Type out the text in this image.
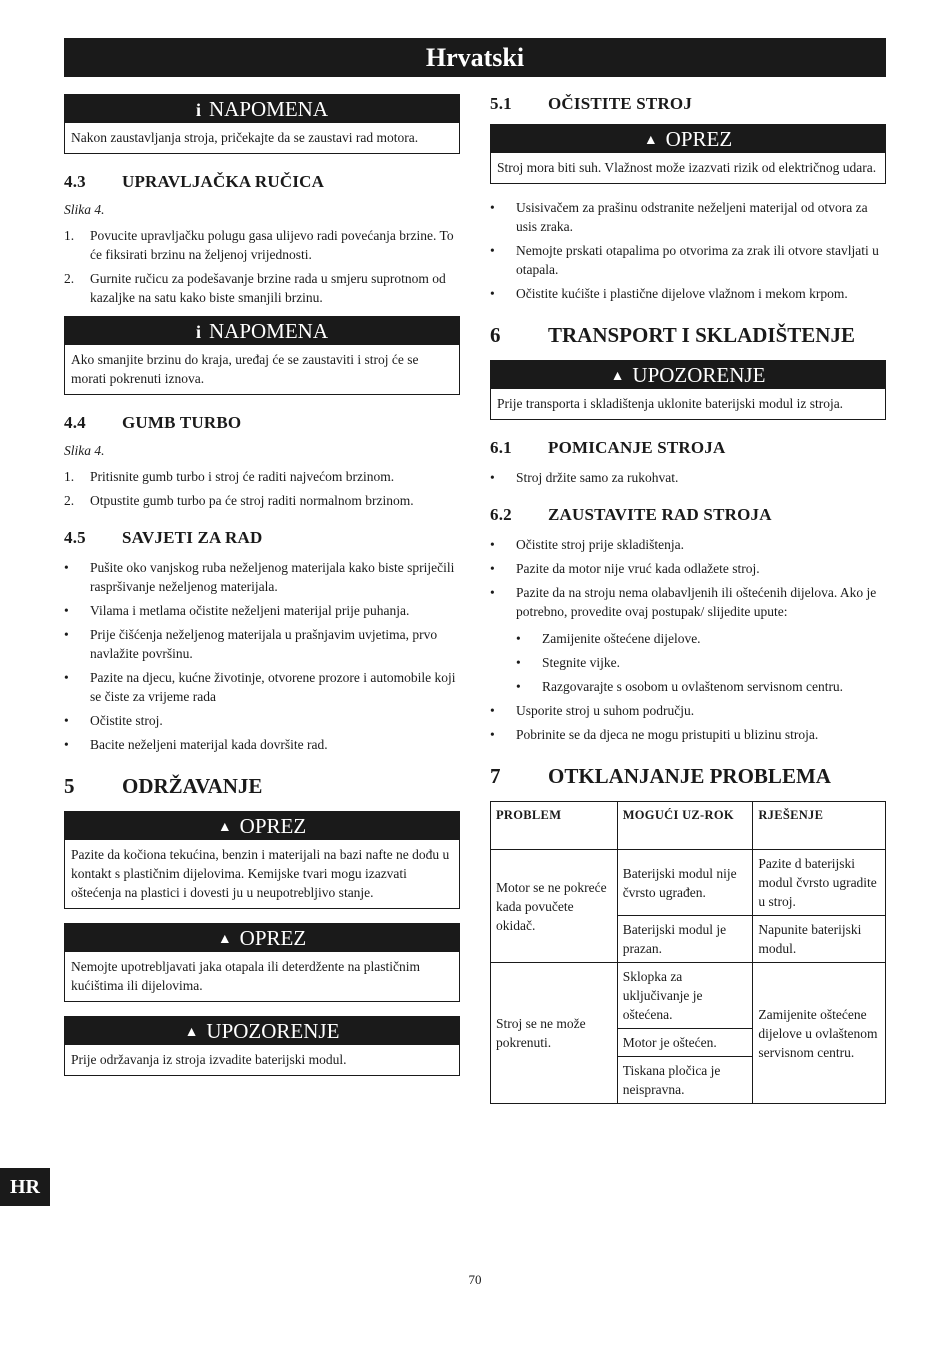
Hrvatski
i NAPOMENA
Nakon zaustavljanja stroja, pričekajte da se zaustavi rad motora.
4.3 UPRAVLJAČKA RUČICA
Slika 4.
1. Povucite upravljačku polugu gasa ulijevo radi povećanja brzine. To će fiksirati brzinu na željenoj vrijednosti.
2. Gurnite ručicu za podešavanje brzine rada u smjeru suprotnom od kazaljke na satu kako biste smanjili brzinu.
i NAPOMENA
Ako smanjite brzinu do kraja, uređaj će se zaustaviti i stroj će se morati pokrenuti iznova.
4.4 GUMB TURBO
Slika 4.
1. Pritisnite gumb turbo i stroj će raditi najvećom brzinom.
2. Otpustite gumb turbo pa će stroj raditi normalnom brzinom.
4.5 SAVJETI ZA RAD
• Pušite oko vanjskog ruba neželjenog materijala kako biste spriječili raspršivanje neželjenog materijala.
• Vilama i metlama očistite neželjeni materijal prije puhanja.
• Prije čišćenja neželjenog materijala u prašnjavim uvjetima, prvo navlažite površinu.
• Pazite na djecu, kućne životinje, otvorene prozore i automobile koji se čiste za vrijeme rada
• Očistite stroj.
• Bacite neželjeni materijal kada dovršite rad.
5 ODRŽAVANJE
▲ OPREZ
Pazite da kočiona tekućina, benzin i materijali na bazi nafte ne dođu u kontakt s plastičnim dijelovima. Kemijske tvari mogu izazvati oštećenja na plastici i dovesti ju u neupotrebljivo stanje.
▲ OPREZ
Nemojte upotrebljavati jaka otapala ili deterdžente na plastičnim kućištima ili dijelovima.
▲ UPOZORENJE
Prije održavanja iz stroja izvadite baterijski modul.
5.1 OČISTITE STROJ
▲ OPREZ
Stroj mora biti suh. Vlažnost može izazvati rizik od električnog udara.
• Usisivačem za prašinu odstranite neželjeni materijal od otvora za usis zraka.
• Nemojte prskati otapalima po otvorima za zrak ili otvore stavljati u otapala.
• Očistite kućište i plastične dijelove vlažnom i mekom krpom.
6 TRANSPORT I SKLADIŠTENJE
▲ UPOZORENJE
Prije transporta i skladištenja uklonite baterijski modul iz stroja.
6.1 POMICANJE STROJA
• Stroj držite samo za rukohvat.
6.2 ZAUSTAVITE RAD STROJA
• Očistite stroj prije skladištenja.
• Pazite da motor nije vruć kada odlažete stroj.
• Pazite da na stroju nema olabavljenih ili oštećenih dijelova. Ako je potrebno, provedite ovaj postupak/ slijedite upute:
• Zamijenite oštećene dijelove.
• Stegnite vijke.
• Razgovarajte s osobom u ovlaštenom servisnom centru.
• Usporite stroj u suhom području.
• Pobrinite se da djeca ne mogu pristupiti u blizinu stroja.
7 OTKLANJANJE PROBLEMA
PROBLEM	MOGUĆI UZ-ROK	RJEŠENJE
Motor se ne pokreće kada povučete okidač.	Baterijski modul nije čvrsto ugrađen.	Pazite d baterijski modul čvrsto ugradite u stroj.
	Baterijski modul je prazan.	Napunite baterijski modul.
Stroj se ne može pokrenuti.	Sklopka za uključivanje je oštećena.	Zamijenite oštećene dijelove u ovlaštenom servisnom centru.
	Motor je oštećen.	
	Tiskana pločica je neispravna.	
HR
70
